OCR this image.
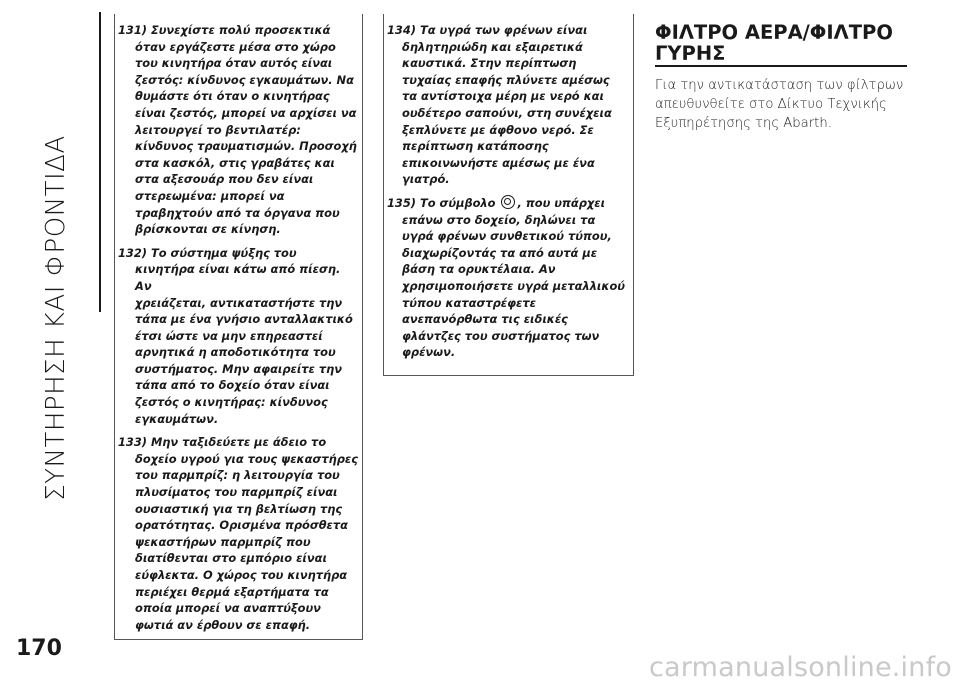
ΣΥΝΤΗΡΗΣΗ ΚΑΙ ΦΡΟΝΤΙΔΑ

131) Συνεχίστε πολύ προσεκτικά
όταν εργάζεστε μέσα στο χώρο
του κινητήρα όταν αυτός είναι
ζεστός: κίνδυνος εγκαυμάτων. Να
θυμάστε ότι όταν ο κινητήρας
είναι ζεστός, μπορεί να αρχίσει να
λειτουργεί το βεντιλατέρ:
κίνδυνος τραυματισμών. Προσοχή
στα κασκόλ, στις γραβάτες και
στα αξεσουάρ που δεν είναι
στερεωμένα: μπορεί να
τραβηχτούν από τα όργανα που
βρίσκονται σε κίνηση.

132) Το σύστημα ψύξης του
κινητήρα είναι κάτω από πίεση. Αν
χρειάζεται, αντικαταστήστε την
τάπα με ένα γνήσιο ανταλλακτικό
έτσι ώστε να μην επηρεαστεί
αρνητικά η αποδοτικότητα του
συστήματος. Μην αφαιρείτε την
τάπα από το δοχείο όταν είναι
ζεστός ο κινητήρας: κίνδυνος
εγκαυμάτων.

133) Μην ταξιδεύετε με άδειο το
δοχείο υγρού για τους ψεκαστήρες
του παρμπρίζ: η λειτουργία του
πλυσίματος του παρμπρίζ είναι
ουσιαστική για τη βελτίωση της
ορατότητας. Ορισμένα πρόσθετα
ψεκαστήρων παρμπρίζ που
διατίθενται στο εμπόριο είναι
εύφλεκτα. Ο χώρος του κινητήρα
περιέχει θερμά εξαρτήματα τα
οποία μπορεί να αναπτύξουν
φωτιά αν έρθουν σε επαφή.

134) Τα υγρά των φρένων είναι
δηλητηριώδη και εξαιρετικά
καυστικά. Στην περίπτωση
τυχαίας επαφής πλύνετε αμέσως
τα αντίστοιχα μέρη με νερό και
ουδέτερο σαπούνι, στη συνέχεια
ξεπλύνετε με άφθονο νερό. Σε
περίπτωση κατάποσης
επικοινωνήστε αμέσως με ένα
γιατρό.

135) Το σύμβολο , που υπάρχει
επάνω στο δοχείο, δηλώνει τα
υγρά φρένων συνθετικού τύπου,
διαχωρίζοντάς τα από αυτά με
βάση τα ορυκτέλαια. Αν
χρησιμοποιήσετε υγρά μεταλλικού
τύπου καταστρέφετε
ανεπανόρθωτα τις ειδικές
φλάντζες του συστήματος των
φρένων.

ΦΙΛΤΡΟ ΑΕΡΑ/ΦΙΛΤΡΟ
ΓΥΡΗΣ
Για την αντικατάσταση των φίλτρων
απευθυνθείτε στο Δίκτυο Τεχνικής
Εξυπηρέτησης της Abarth.
170
carmanualsonline.info
